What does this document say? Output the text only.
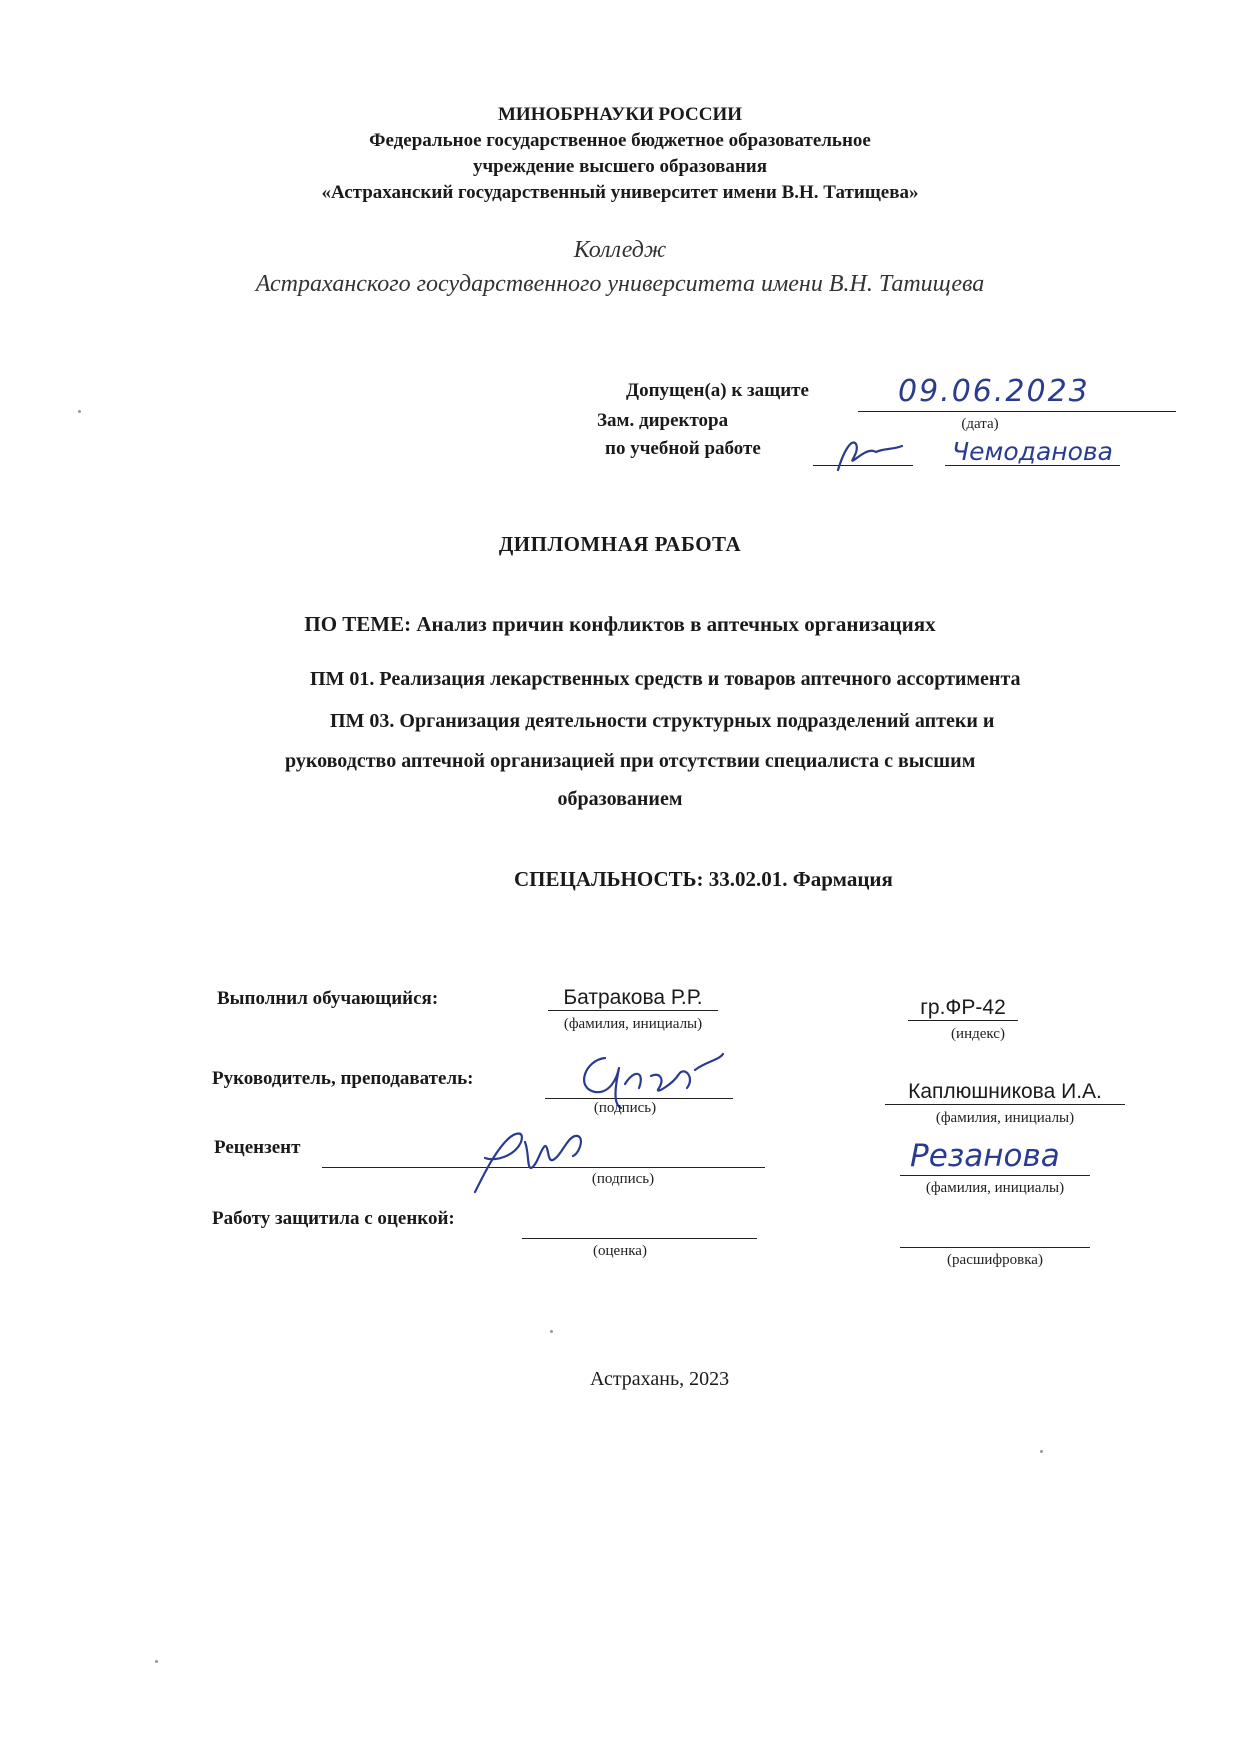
МИНОБРНАУКИ РОССИИ
Федеральное государственное бюджетное образовательное
учреждение высшего образования
«Астраханский государственный университет имени В.Н. Татищева»
Колледж
Астраханского государственного университета имени В.Н. Татищева
Допущен(а) к защите	09.06.2023
(дата)
Зам. директора
по учебной работе	Чемоданова
ДИПЛОМНАЯ РАБОТА
ПО ТЕМЕ: Анализ причин конфликтов в аптечных организациях
ПМ 01. Реализация лекарственных средств и товаров аптечного ассортимента
ПМ 03. Организация деятельности структурных подразделений аптеки и
руководство аптечной организацией при отсутствии специалиста с высшим
образованием
СПЕЦАЛЬНОСТЬ: 33.02.01. Фармация
Выполнил обучающийся:	Батракова Р.Р.
(фамилия, инициалы)
гр.ФР-42
(индекс)
Руководитель, преподаватель:
(подпись)
Каплюшникова И.А.
(фамилия, инициалы)
Рецензент
(подпись)
Резанова
(фамилия, инициалы)
Работу защитила с оценкой:
(оценка)
(расшифровка)
Астрахань, 2023
